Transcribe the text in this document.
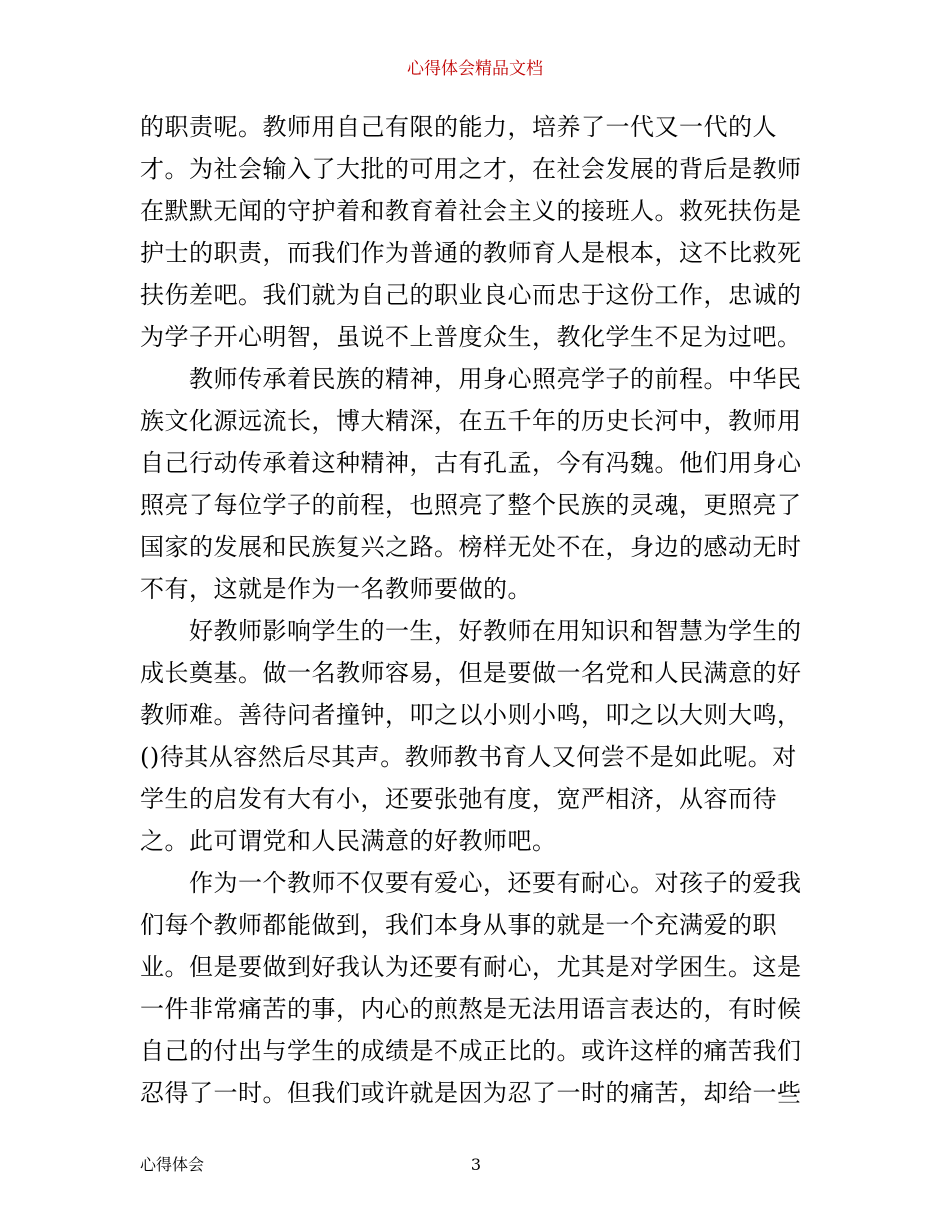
心得体会精品文档
的职责呢。教师用自己有限的能力，培养了一代又一代的人
才。为社会输入了大批的可用之才，在社会发展的背后是教师
在默默无闻的守护着和教育着社会主义的接班人。救死扶伤是
护士的职责，而我们作为普通的教师育人是根本，这不比救死
扶伤差吧。我们就为自己的职业良心而忠于这份工作，忠诚的
为学子开心明智，虽说不上普度众生，教化学生不足为过吧。
　　教师传承着民族的精神，用身心照亮学子的前程。中华民
族文化源远流长，博大精深，在五千年的历史长河中，教师用
自己行动传承着这种精神，古有孔孟，今有冯魏。他们用身心
照亮了每位学子的前程，也照亮了整个民族的灵魂，更照亮了
国家的发展和民族复兴之路。榜样无处不在，身边的感动无时
不有，这就是作为一名教师要做的。
　　好教师影响学生的一生，好教师在用知识和智慧为学生的
成长奠基。做一名教师容易，但是要做一名党和人民满意的好
教师难。善待问者撞钟，叩之以小则小鸣，叩之以大则大鸣，
()待其从容然后尽其声。教师教书育人又何尝不是如此呢。对
学生的启发有大有小，还要张弛有度，宽严相济，从容而待
之。此可谓党和人民满意的好教师吧。
　　作为一个教师不仅要有爱心，还要有耐心。对孩子的爱我
们每个教师都能做到，我们本身从事的就是一个充满爱的职
业。但是要做到好我认为还要有耐心，尤其是对学困生。这是
一件非常痛苦的事，内心的煎熬是无法用语言表达的，有时候
自己的付出与学生的成绩是不成正比的。或许这样的痛苦我们
忍得了一时。但我们或许就是因为忍了一时的痛苦，却给一些
心得体会	3
